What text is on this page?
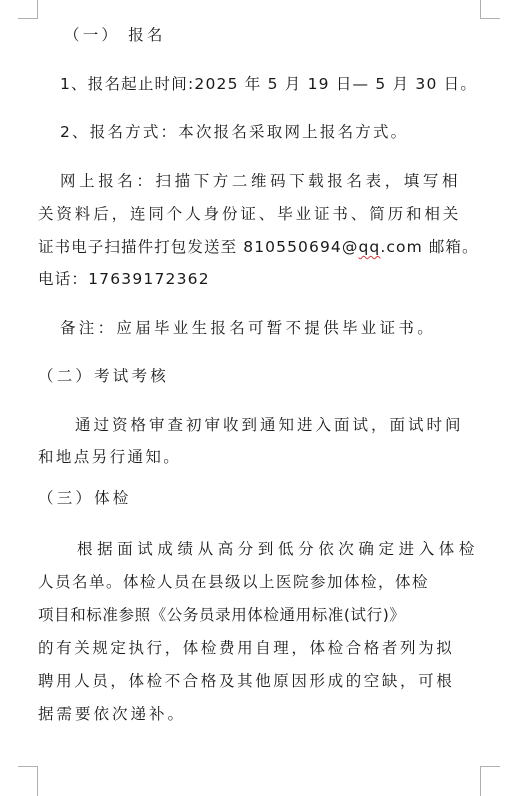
（一） 报名
1、报名起止时间:2025 年 5 月 19 日— 5 月 30 日。
2、报名方式：本次报名采取网上报名方式。
网上报名：扫描下方二维码下载报名表，填写相
关资料后，连同个人身份证、毕业证书、简历和相关
证书电子扫描件打包发送至 810550694@qq.com 邮箱。
电话：17639172362
备注：应届毕业生报名可暂不提供毕业证书。
（二）考试考核
通过资格审查初审收到通知进入面试，面试时间
和地点另行通知。
（三）体检
根据面试成绩从高分到低分依次确定进入体检
人员名单。体检人员在县级以上医院参加体检，体检
项目和标准参照《公务员录用体检通用标准(试行)》
的有关规定执行，体检费用自理，体检合格者列为拟
聘用人员，体检不合格及其他原因形成的空缺，可根
据需要依次递补。
